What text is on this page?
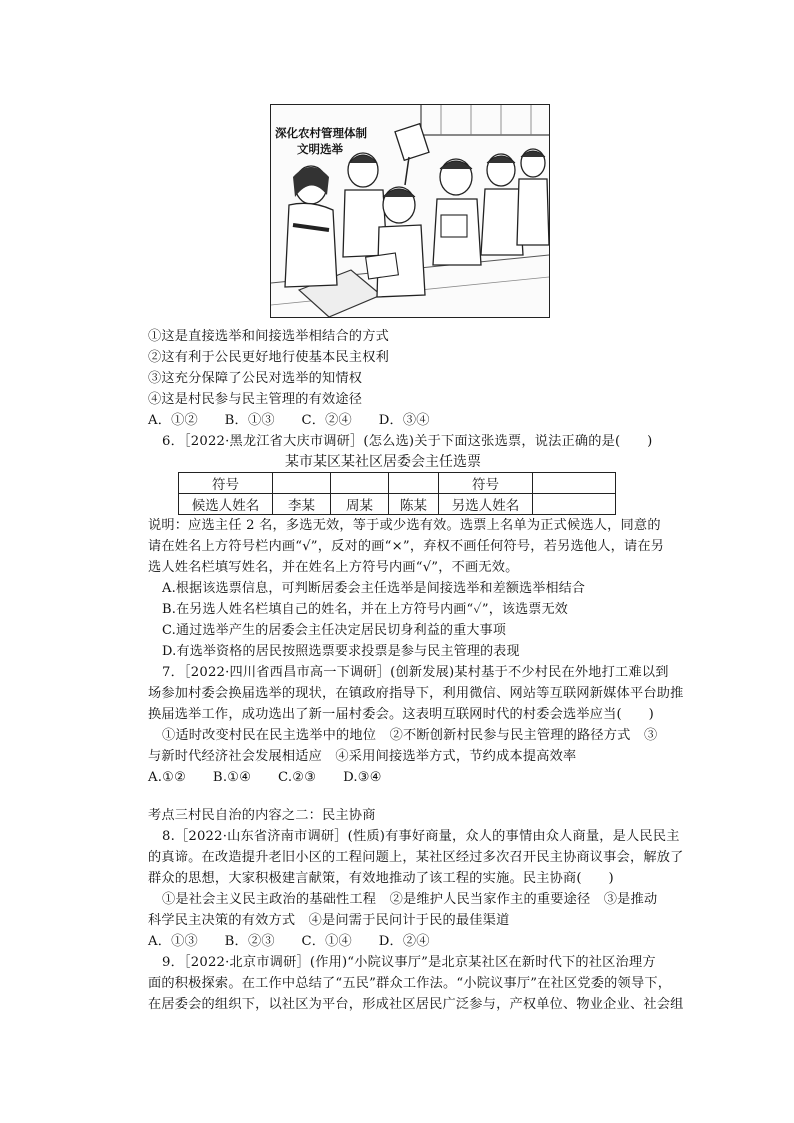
深化农村管理体制
文明选举
①这是直接选举和间接选举相结合的方式
②这有利于公民更好地行使基本民主权利
③这充分保障了公民对选举的知情权
④这是村民参与民主管理的有效途径
A．①②　　B．①③　　C．②④　　D．③④
6．［2022·黑龙江省大庆市调研］(怎么选)关于下面这张选票，说法正确的是(　　)
某市某区某社区居委会主任选票
符号				符号	
候选人姓名	李某	周某	陈某	另选人姓名	
说明：应选主任 2 名，多选无效，等于或少选有效。选票上名单为正式候选人，同意的
请在姓名上方符号栏内画“√”，反对的画“×”，弃权不画任何符号，若另选他人，请在另
选人姓名栏填写姓名，并在姓名上方符号内画“√”，不画无效。
A.根据该选票信息，可判断居委会主任选举是间接选举和差额选举相结合
B.在另选人姓名栏填自己的姓名，并在上方符号内画“✓”，该选票无效
C.通过选举产生的居委会主任决定居民切身利益的重大事项
D.有选举资格的居民按照选票要求投票是参与民主管理的表现
7．［2022·四川省西昌市高一下调研］(创新发展)某村基于不少村民在外地打工难以到
场参加村委会换届选举的现状，在镇政府指导下，利用微信、网站等互联网新媒体平台助推
换届选举工作，成功选出了新一届村委会。这表明互联网时代的村委会选举应当(　　)
①适时改变村民在民主选举中的地位　②不断创新村民参与民主管理的路径方式　③
与新时代经济社会发展相适应　④采用间接选举方式，节约成本提高效率
A.①②　　B.①④　　C.②③　　D.③④
考点三村民自治的内容之二：民主协商
8.［2022·山东省济南市调研］(性质)有事好商量，众人的事情由众人商量，是人民民主
的真谛。在改造提升老旧小区的工程问题上，某社区经过多次召开民主协商议事会，解放了
群众的思想，大家积极建言献策，有效地推动了该工程的实施。民主协商(　　)
①是社会主义民主政治的基础性工程　②是维护人民当家作主的重要途径　③是推动
科学民主决策的有效方式　④是问需于民问计于民的最佳渠道
A．①③　　B．②③　　C．①④　　D．②④
9．［2022·北京市调研］(作用)“小院议事厅”是北京某社区在新时代下的社区治理方
面的积极探索。在工作中总结了“五民”群众工作法。“小院议事厅”在社区党委的领导下，
在居委会的组织下，以社区为平台，形成社区居民广泛参与，产权单位、物业企业、社会组
